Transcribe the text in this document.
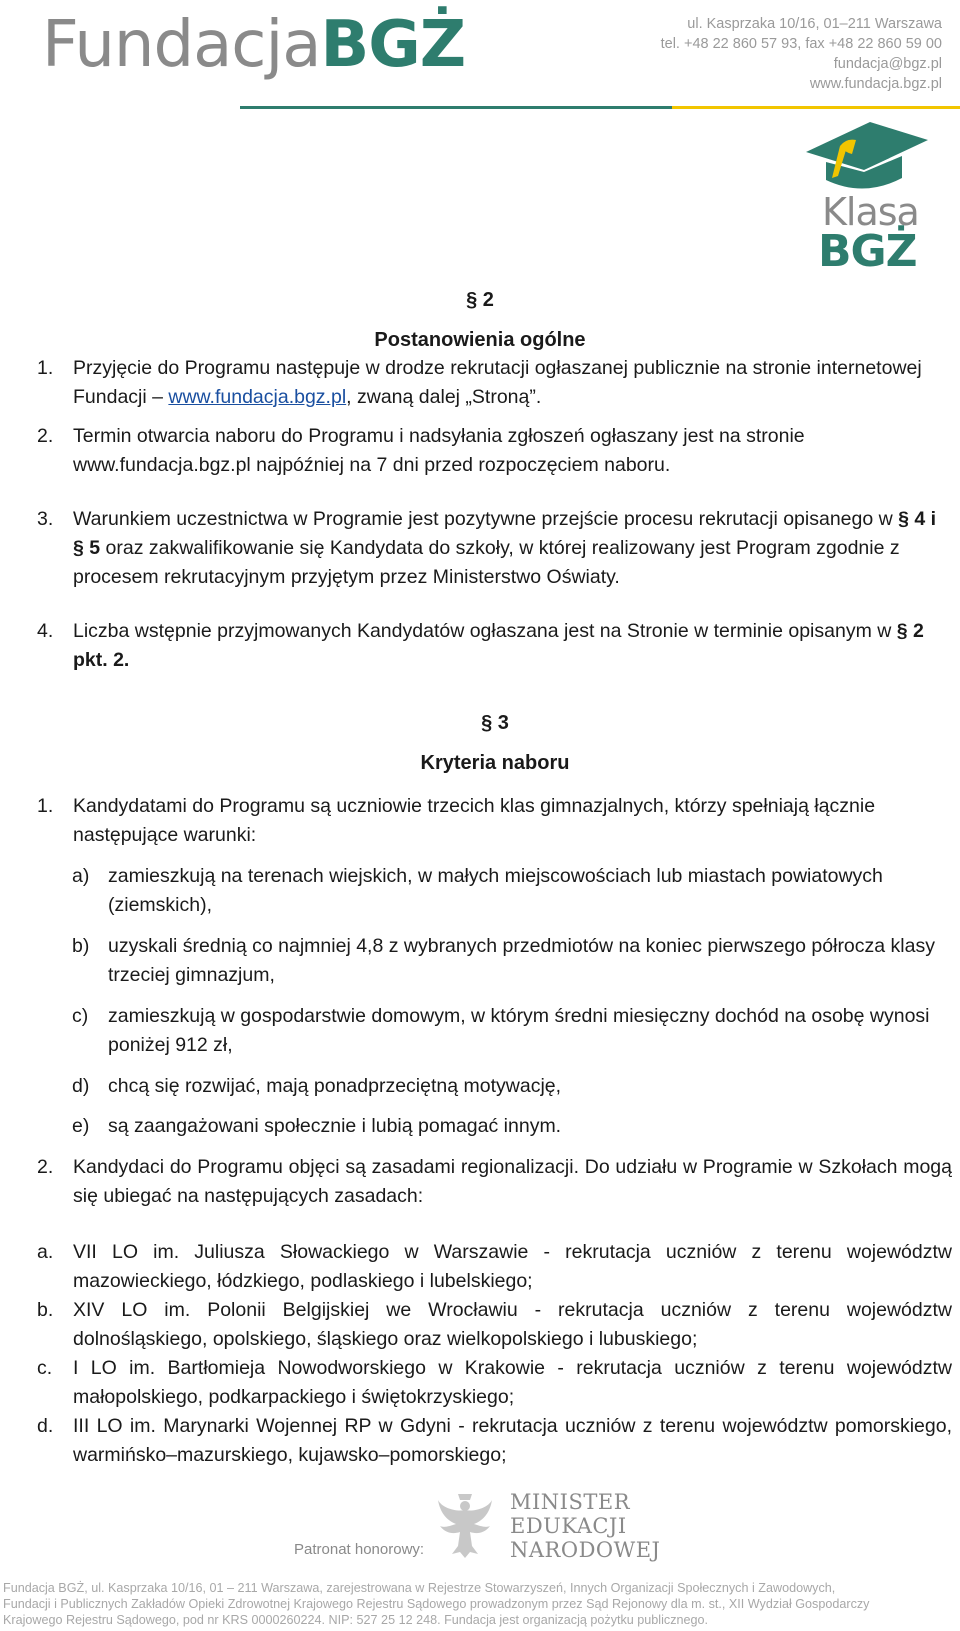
FundacjaBGŻ	ul. Kasprzaka 10/16, 01–211 Warszawa
tel. +48 22 860 57 93, fax +48 22 860 59 00
fundacja@bgz.pl
www.fundacja.bgz.pl
Klasa
BGŻ
§ 2
Postanowienia ogólne
1. Przyjęcie do Programu następuje w drodze rekrutacji ogłaszanej publicznie na stronie internetowej Fundacji – www.fundacja.bgz.pl, zwaną dalej „Stroną”.
2. Termin otwarcia naboru do Programu i nadsyłania zgłoszeń ogłaszany jest na stronie www.fundacja.bgz.pl najpóźniej na 7 dni przed rozpoczęciem naboru.
3. Warunkiem uczestnictwa w Programie jest pozytywne przejście procesu rekrutacji opisanego w § 4 i § 5 oraz zakwalifikowanie się Kandydata do szkoły, w której realizowany jest Program zgodnie z procesem rekrutacyjnym przyjętym przez Ministerstwo Oświaty.
4. Liczba wstępnie przyjmowanych Kandydatów ogłaszana jest na Stronie w terminie opisanym w § 2 pkt. 2.
§ 3
Kryteria naboru
1. Kandydatami do Programu są uczniowie trzecich klas gimnazjalnych, którzy spełniają łącznie następujące warunki:
a) zamieszkują na terenach wiejskich, w małych miejscowościach lub miastach powiatowych (ziemskich),
b) uzyskali średnią co najmniej 4,8 z wybranych przedmiotów na koniec pierwszego półrocza klasy trzeciej gimnazjum,
c) zamieszkują w gospodarstwie domowym, w którym średni miesięczny dochód na osobę wynosi poniżej 912 zł,
d) chcą się rozwijać, mają ponadprzeciętną motywację,
e) są zaangażowani społecznie i lubią pomagać innym.
2. Kandydaci do Programu objęci są zasadami regionalizacji. Do udziału w Programie w Szkołach mogą się ubiegać na następujących zasadach:
a. VII LO im. Juliusza Słowackiego w Warszawie - rekrutacja uczniów z terenu województw mazowieckiego, łódzkiego, podlaskiego i lubelskiego;
b. XIV LO im. Polonii Belgijskiej we Wrocławiu - rekrutacja uczniów z terenu województw dolnośląskiego, opolskiego, śląskiego oraz wielkopolskiego i lubuskiego;
c. I LO im. Bartłomieja Nowodworskiego w Krakowie - rekrutacja uczniów z terenu województw małopolskiego, podkarpackiego i świętokrzyskiego;
d. III LO im. Marynarki Wojennej RP w Gdyni - rekrutacja uczniów z terenu województw pomorskiego, warmińsko–mazurskiego, kujawsko–pomorskiego;
Patronat honorowy:
MINISTER
EDUKACJI
NARODOWEJ
Fundacja BGŻ, ul. Kasprzaka 10/16, 01 – 211 Warszawa, zarejestrowana w Rejestrze Stowarzyszeń, Innych Organizacji Społecznych i Zawodowych,
Fundacji i Publicznych Zakładów Opieki Zdrowotnej Krajowego Rejestru Sądowego prowadzonym przez Sąd Rejonowy dla m. st., XII Wydział Gospodarczy
Krajowego Rejestru Sądowego, pod nr KRS 0000260224. NIP: 527 25 12 248. Fundacja jest organizacją pożytku publicznego.
